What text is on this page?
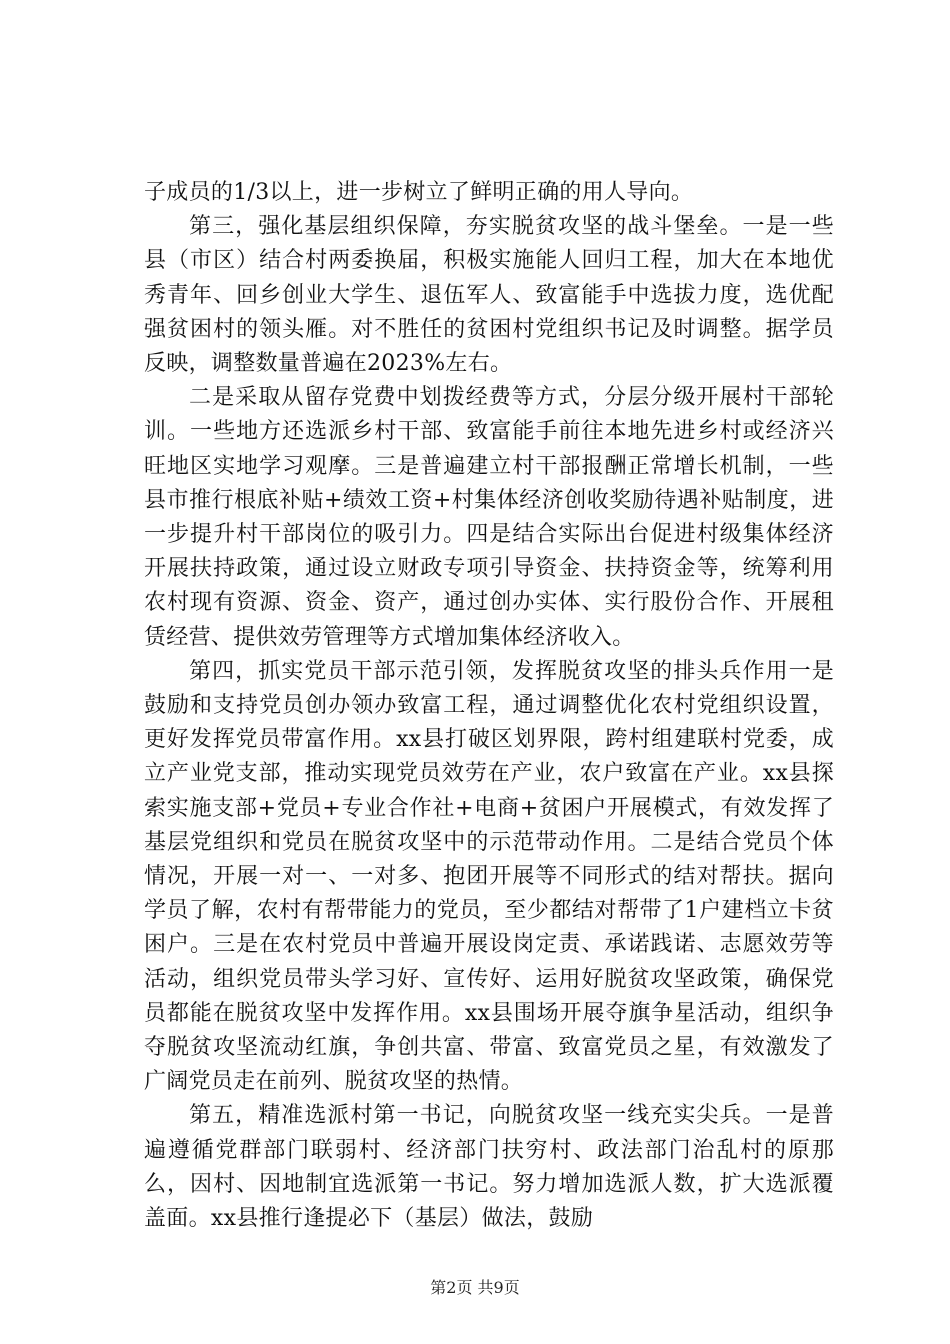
子成员的1/3以上，进一步树立了鲜明正确的用人导向。

第三，强化基层组织保障，夯实脱贫攻坚的战斗堡垒。一是一些县（市区）结合村两委换届，积极实施能人回归工程，加大在本地优秀青年、回乡创业大学生、退伍军人、致富能手中选拔力度，选优配强贫困村的领头雁。对不胜任的贫困村党组织书记及时调整。据学员反映，调整数量普遍在2023%左右。

二是采取从留存党费中划拨经费等方式，分层分级开展村干部轮训。一些地方还选派乡村干部、致富能手前往本地先进乡村或经济兴旺地区实地学习观摩。三是普遍建立村干部报酬正常增长机制，一些县市推行根底补贴+绩效工资+村集体经济创收奖励待遇补贴制度，进一步提升村干部岗位的吸引力。四是结合实际出台促进村级集体经济开展扶持政策，通过设立财政专项引导资金、扶持资金等，统筹利用农村现有资源、资金、资产，通过创办实体、实行股份合作、开展租赁经营、提供效劳管理等方式增加集体经济收入。

第四，抓实党员干部示范引领，发挥脱贫攻坚的排头兵作用一是鼓励和支持党员创办领办致富工程，通过调整优化农村党组织设置，更好发挥党员带富作用。xx县打破区划界限，跨村组建联村党委，成立产业党支部，推动实现党员效劳在产业，农户致富在产业。xx县探索实施支部+党员+专业合作社+电商+贫困户开展模式，有效发挥了基层党组织和党员在脱贫攻坚中的示范带动作用。二是结合党员个体情况，开展一对一、一对多、抱团开展等不同形式的结对帮扶。据向学员了解，农村有帮带能力的党员，至少都结对帮带了1户建档立卡贫困户。三是在农村党员中普遍开展设岗定责、承诺践诺、志愿效劳等活动，组织党员带头学习好、宣传好、运用好脱贫攻坚政策，确保党员都能在脱贫攻坚中发挥作用。xx县围场开展夺旗争星活动，组织争夺脱贫攻坚流动红旗，争创共富、带富、致富党员之星，有效激发了广阔党员走在前列、脱贫攻坚的热情。

第五，精准选派村第一书记，向脱贫攻坚一线充实尖兵。一是普遍遵循党群部门联弱村、经济部门扶穷村、政法部门治乱村的原那么，因村、因地制宜选派第一书记。努力增加选派人数，扩大选派覆盖面。xx县推行逢提必下（基层）做法，鼓励

第2页 共9页
